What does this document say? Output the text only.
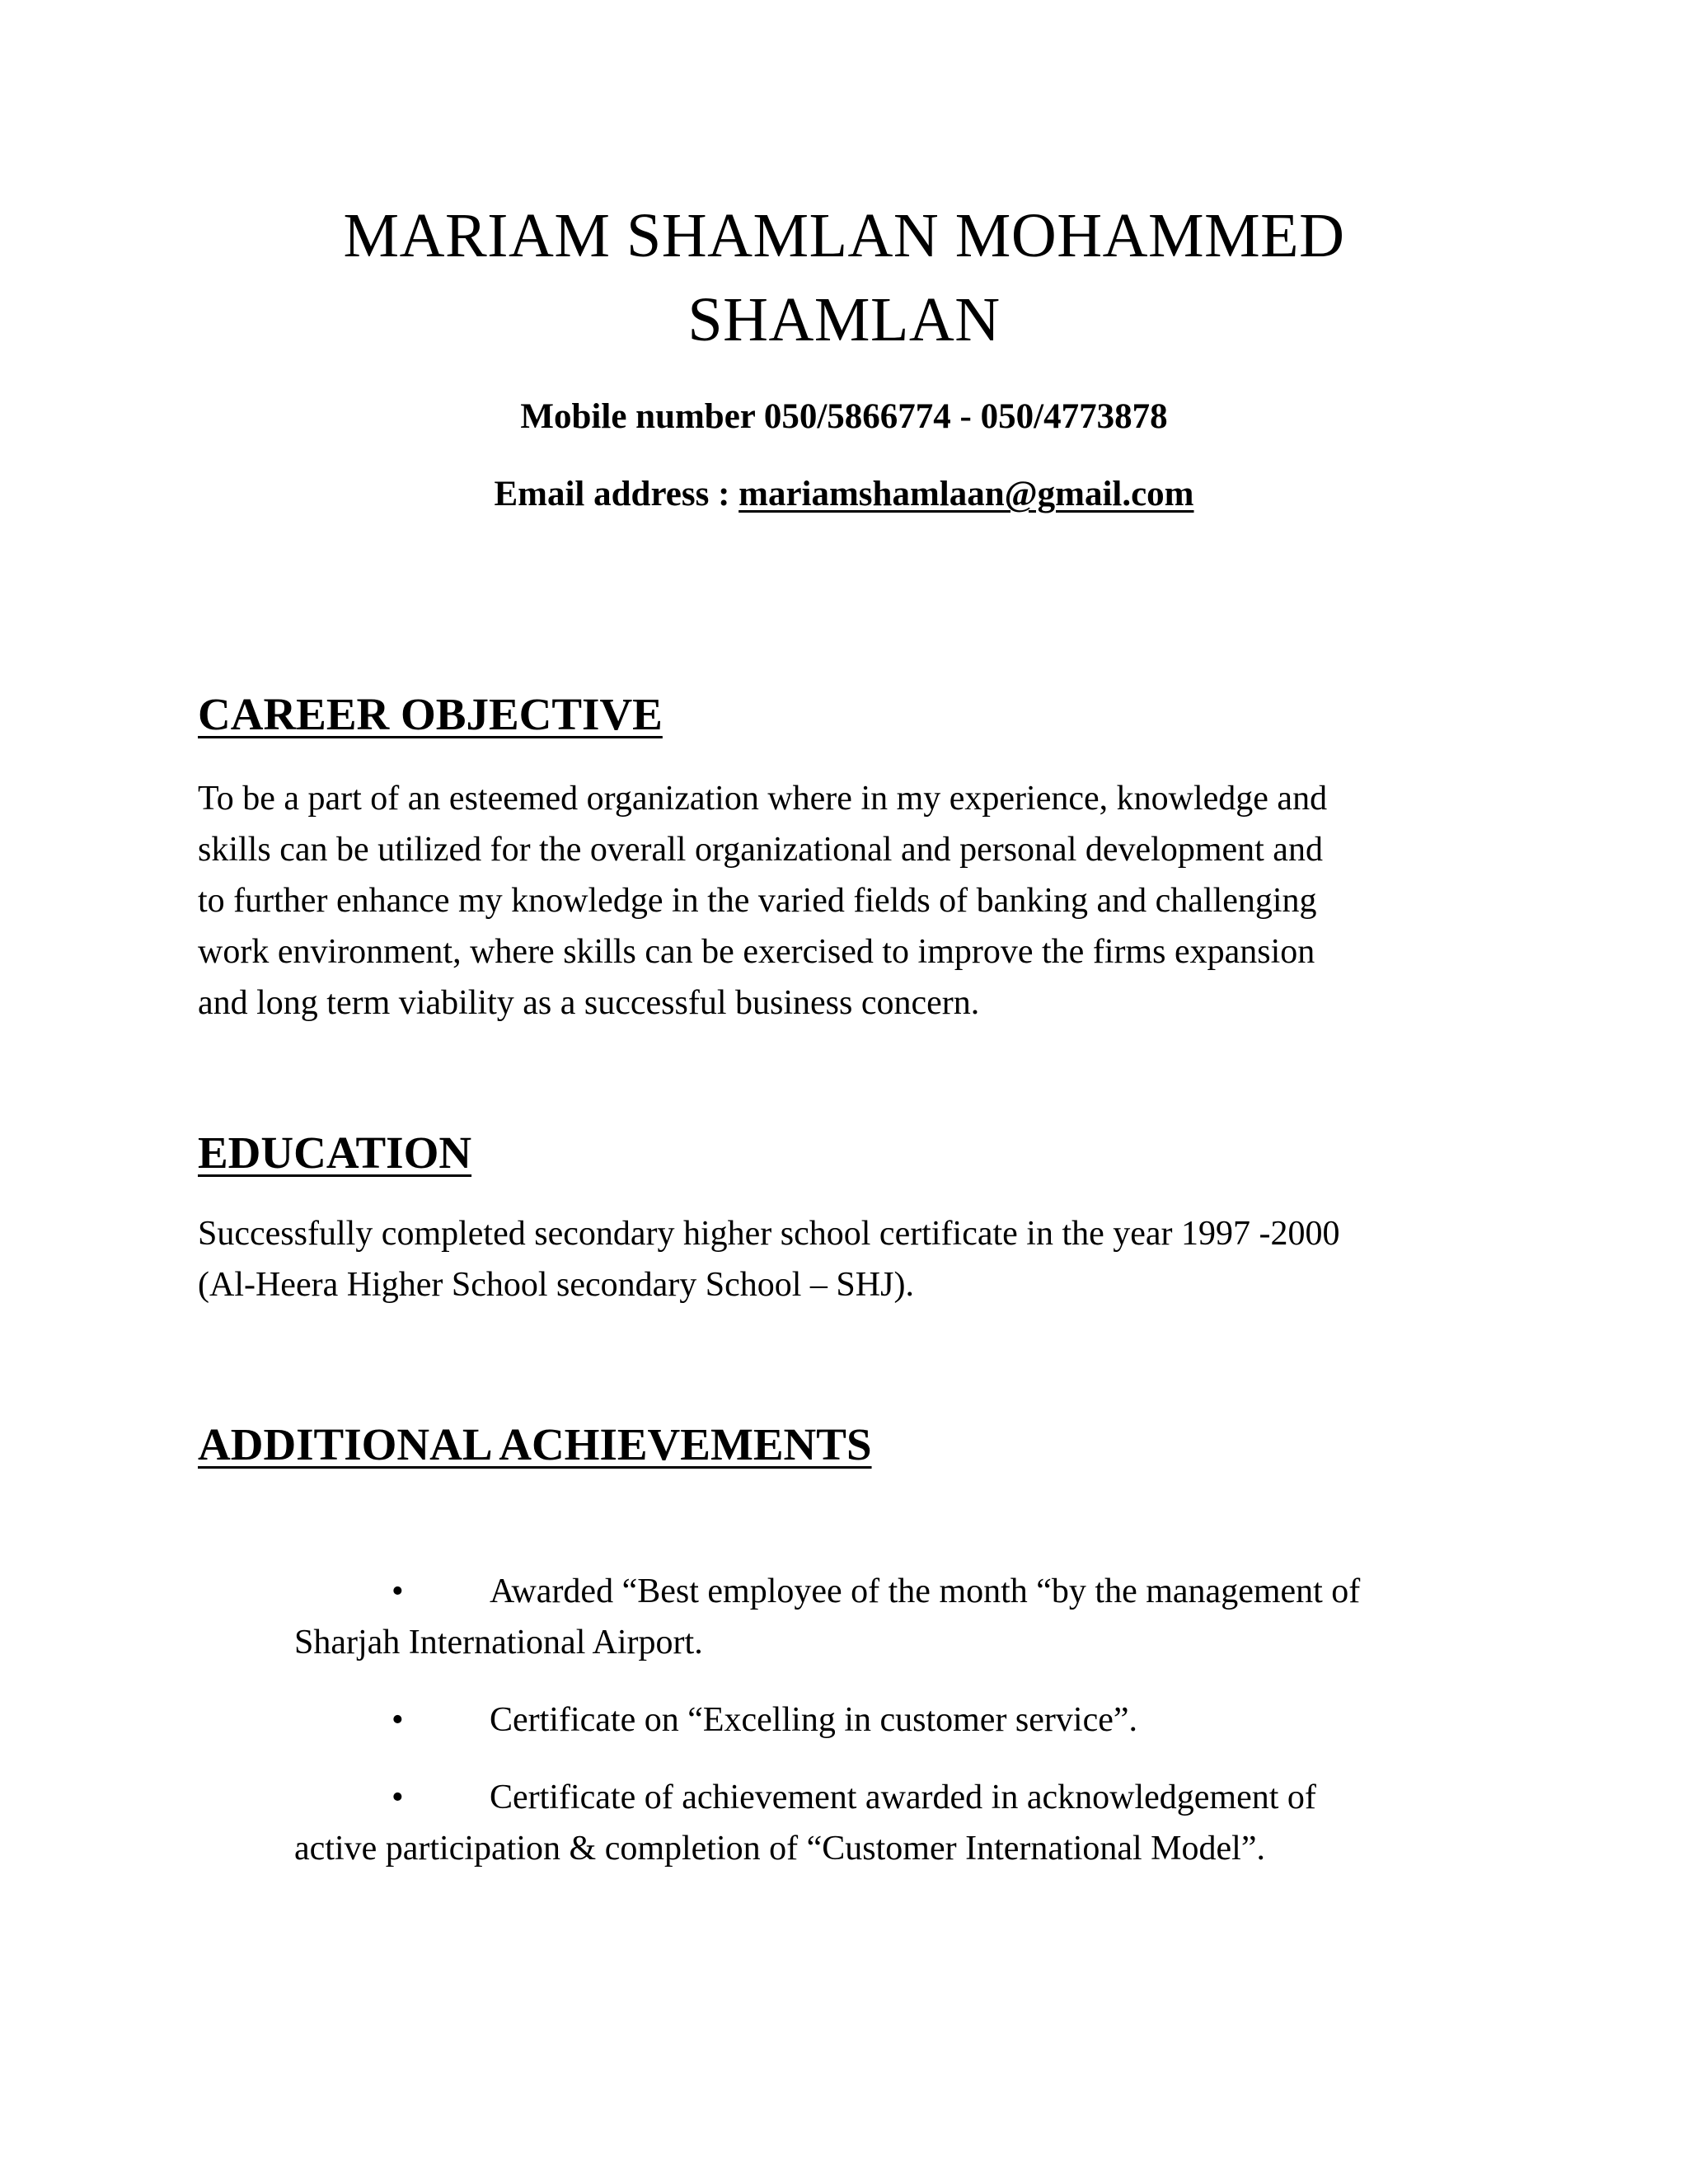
MARIAM SHAMLAN MOHAMMED
SHAMLAN
Mobile number 050/5866774 - 050/4773878
Email address : mariamshamlaan@gmail.com
CAREER OBJECTIVE
To be a part of an esteemed organization where in my experience, knowledge and
skills can be utilized for the overall organizational and personal development and
to further enhance my knowledge in the varied fields of banking and challenging
work environment, where skills can be exercised to improve the firms expansion
and long term viability as a successful business concern.
EDUCATION
Successfully completed secondary higher school certificate in the year 1997 -2000
(Al-Heera Higher School secondary School – SHJ).
ADDITIONAL ACHIEVEMENTS
•	Awarded “Best employee of the month “by the management of
Sharjah International Airport.
•	Certificate on “Excelling in customer service”.
•	Certificate of achievement awarded in acknowledgement of
active participation & completion of “Customer International Model”.
